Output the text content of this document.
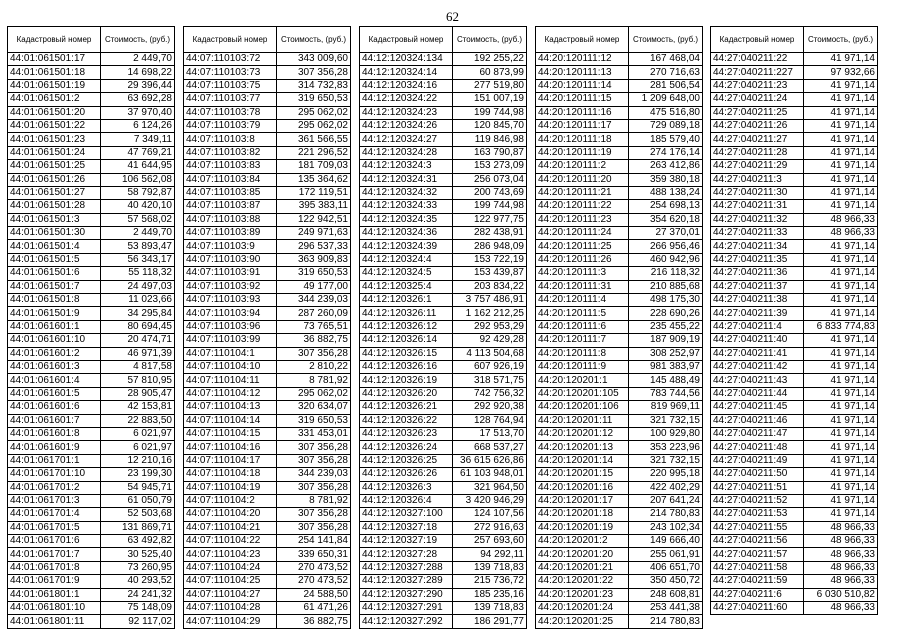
62
Кадастровый номер	Стоимость, (руб.)
44:01:061501:17	2 449,70
44:01:061501:18	14 698,22
44:01:061501:19	29 396,44
44:01:061501:2	63 692,28
44:01:061501:20	37 970,40
44:01:061501:22	6 124,26
44:01:061501:23	7 349,11
44:01:061501:24	47 769,21
44:01:061501:25	41 644,95
44:01:061501:26	106 562,08
44:01:061501:27	58 792,87
44:01:061501:28	40 420,10
44:01:061501:3	57 568,02
44:01:061501:30	2 449,70
44:01:061501:4	53 893,47
44:01:061501:5	56 343,17
44:01:061501:6	55 118,32
44:01:061501:7	24 497,03
44:01:061501:8	11 023,66
44:01:061501:9	34 295,84
44:01:061601:1	80 694,45
44:01:061601:10	20 474,71
44:01:061601:2	46 971,39
44:01:061601:3	4 817,58
44:01:061601:4	57 810,95
44:01:061601:5	28 905,47
44:01:061601:6	42 153,81
44:01:061601:7	22 883,50
44:01:061601:8	6 021,97
44:01:061601:9	6 021,97
44:01:061701:1	12 210,16
44:01:061701:10	23 199,30
44:01:061701:2	54 945,71
44:01:061701:3	61 050,79
44:01:061701:4	52 503,68
44:01:061701:5	131 869,71
44:01:061701:6	63 492,82
44:01:061701:7	30 525,40
44:01:061701:8	73 260,95
44:01:061701:9	40 293,52
44:01:061801:1	24 241,32
44:01:061801:10	75 148,09
44:01:061801:11	92 117,02
Кадастровый номер	Стоимость, (руб.)
44:07:110103:72	343 009,60
44:07:110103:73	307 356,28
44:07:110103:75	314 732,83
44:07:110103:77	319 650,53
44:07:110103:78	295 062,02
44:07:110103:79	295 062,02
44:07:110103:8	361 566,55
44:07:110103:82	221 296,52
44:07:110103:83	181 709,03
44:07:110103:84	135 364,62
44:07:110103:85	172 119,51
44:07:110103:87	395 383,11
44:07:110103:88	122 942,51
44:07:110103:89	249 971,63
44:07:110103:9	296 537,33
44:07:110103:90	363 909,83
44:07:110103:91	319 650,53
44:07:110103:92	49 177,00
44:07:110103:93	344 239,03
44:07:110103:94	287 260,09
44:07:110103:96	73 765,51
44:07:110103:99	36 882,75
44:07:110104:1	307 356,28
44:07:110104:10	2 810,22
44:07:110104:11	8 781,92
44:07:110104:12	295 062,02
44:07:110104:13	320 634,07
44:07:110104:14	319 650,53
44:07:110104:15	331 453,01
44:07:110104:16	307 356,28
44:07:110104:17	307 356,28
44:07:110104:18	344 239,03
44:07:110104:19	307 356,28
44:07:110104:2	8 781,92
44:07:110104:20	307 356,28
44:07:110104:21	307 356,28
44:07:110104:22	254 141,84
44:07:110104:23	339 650,31
44:07:110104:24	270 473,52
44:07:110104:25	270 473,52
44:07:110104:27	24 588,50
44:07:110104:28	61 471,26
44:07:110104:29	36 882,75
Кадастровый номер	Стоимость, (руб.)
44:12:120324:134	192 255,22
44:12:120324:14	60 873,99
44:12:120324:16	277 519,80
44:12:120324:22	151 007,19
44:12:120324:23	199 744,98
44:12:120324:26	120 845,70
44:12:120324:27	119 846,98
44:12:120324:28	163 790,87
44:12:120324:3	153 273,09
44:12:120324:31	256 073,04
44:12:120324:32	200 743,69
44:12:120324:33	199 744,98
44:12:120324:35	122 977,75
44:12:120324:36	282 438,91
44:12:120324:39	286 948,09
44:12:120324:4	153 722,19
44:12:120324:5	153 439,87
44:12:120325:4	203 834,22
44:12:120326:1	3 757 486,91
44:12:120326:11	1 162 212,25
44:12:120326:12	292 953,29
44:12:120326:14	92 429,28
44:12:120326:15	4 113 504,68
44:12:120326:16	607 926,19
44:12:120326:19	318 571,75
44:12:120326:20	742 756,32
44:12:120326:21	292 920,38
44:12:120326:22	128 764,94
44:12:120326:23	17 513,70
44:12:120326:24	668 537,27
44:12:120326:25	36 615 626,86
44:12:120326:26	61 103 948,01
44:12:120326:3	321 964,50
44:12:120326:4	3 420 946,29
44:12:120327:100	124 107,56
44:12:120327:18	272 916,63
44:12:120327:19	257 693,60
44:12:120327:28	94 292,11
44:12:120327:288	139 718,83
44:12:120327:289	215 736,72
44:12:120327:290	185 235,16
44:12:120327:291	139 718,83
44:12:120327:292	186 291,77
Кадастровый номер	Стоимость, (руб.)
44:20:120111:12	167 468,04
44:20:120111:13	270 716,63
44:20:120111:14	281 506,54
44:20:120111:15	1 209 648,00
44:20:120111:16	475 516,80
44:20:120111:17	729 089,18
44:20:120111:18	185 579,40
44:20:120111:19	274 176,14
44:20:120111:2	263 412,86
44:20:120111:20	359 380,18
44:20:120111:21	488 138,24
44:20:120111:22	254 698,13
44:20:120111:23	354 620,18
44:20:120111:24	27 370,01
44:20:120111:25	266 956,46
44:20:120111:26	460 942,96
44:20:120111:3	216 118,32
44:20:120111:31	210 885,68
44:20:120111:4	498 175,30
44:20:120111:5	228 690,26
44:20:120111:6	235 455,22
44:20:120111:7	187 909,19
44:20:120111:8	308 252,97
44:20:120111:9	981 383,97
44:20:120201:1	145 488,49
44:20:120201:105	783 744,56
44:20:120201:106	819 969,11
44:20:120201:11	321 732,15
44:20:120201:12	100 929,80
44:20:120201:13	353 223,96
44:20:120201:14	321 732,15
44:20:120201:15	220 995,18
44:20:120201:16	422 402,29
44:20:120201:17	207 641,24
44:20:120201:18	214 780,83
44:20:120201:19	243 102,34
44:20:120201:2	149 666,40
44:20:120201:20	255 061,91
44:20:120201:21	406 651,70
44:20:120201:22	350 450,72
44:20:120201:23	248 608,81
44:20:120201:24	253 441,38
44:20:120201:25	214 780,83
Кадастровый номер	Стоимость, (руб.)
44:27:040211:22	41 971,14
44:27:040211:227	97 932,66
44:27:040211:23	41 971,14
44:27:040211:24	41 971,14
44:27:040211:25	41 971,14
44:27:040211:26	41 971,14
44:27:040211:27	41 971,14
44:27:040211:28	41 971,14
44:27:040211:29	41 971,14
44:27:040211:3	41 971,14
44:27:040211:30	41 971,14
44:27:040211:31	41 971,14
44:27:040211:32	48 966,33
44:27:040211:33	48 966,33
44:27:040211:34	41 971,14
44:27:040211:35	41 971,14
44:27:040211:36	41 971,14
44:27:040211:37	41 971,14
44:27:040211:38	41 971,14
44:27:040211:39	41 971,14
44:27:040211:4	6 833 774,83
44:27:040211:40	41 971,14
44:27:040211:41	41 971,14
44:27:040211:42	41 971,14
44:27:040211:43	41 971,14
44:27:040211:44	41 971,14
44:27:040211:45	41 971,14
44:27:040211:46	41 971,14
44:27:040211:47	41 971,14
44:27:040211:48	41 971,14
44:27:040211:49	41 971,14
44:27:040211:50	41 971,14
44:27:040211:51	41 971,14
44:27:040211:52	41 971,14
44:27:040211:53	41 971,14
44:27:040211:55	48 966,33
44:27:040211:56	48 966,33
44:27:040211:57	48 966,33
44:27:040211:58	48 966,33
44:27:040211:59	48 966,33
44:27:040211:6	6 030 510,82
44:27:040211:60	48 966,33
